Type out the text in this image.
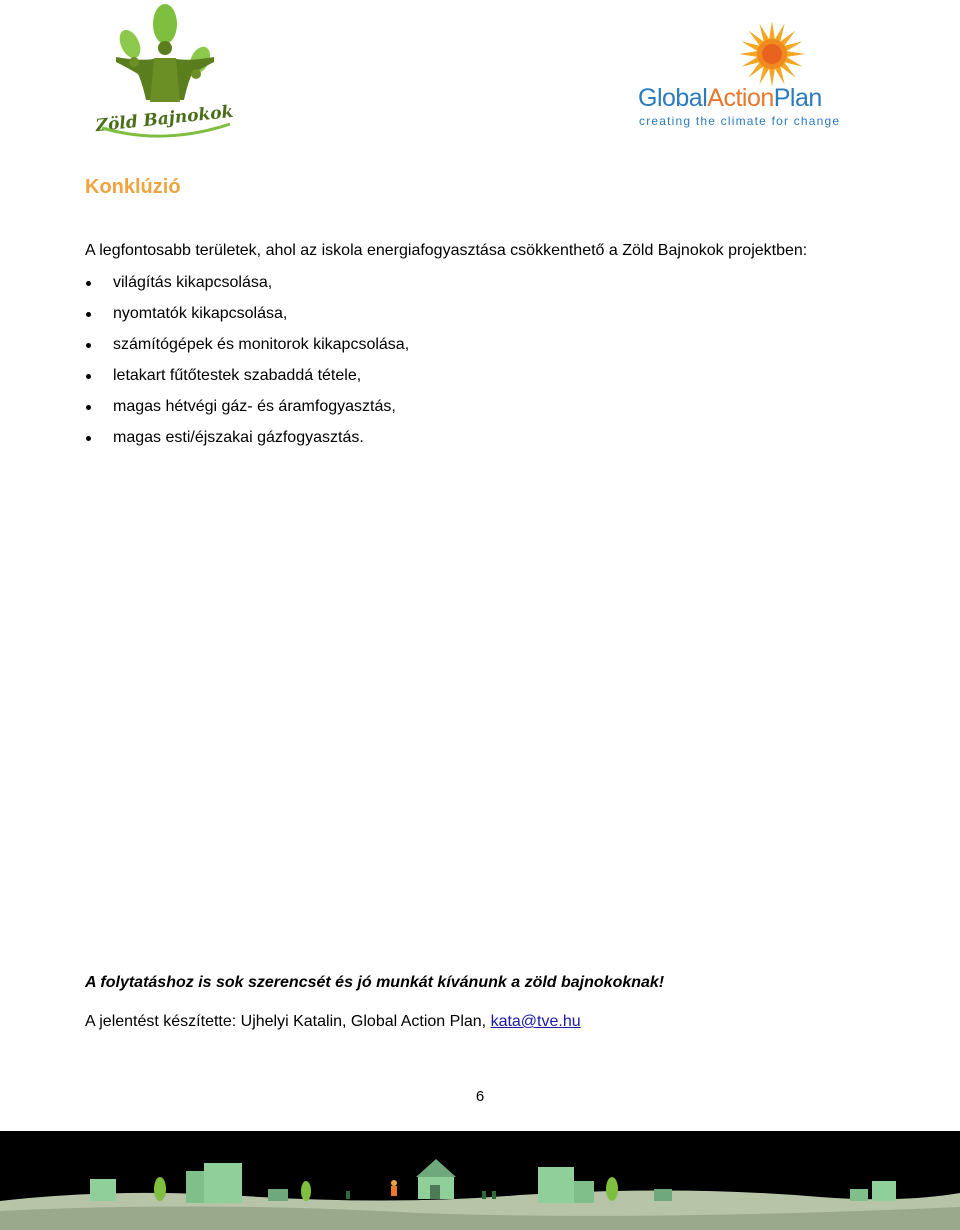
Zöld Bajnokok
GlobalActionPlan
creating the climate for change
Konklúzió

A legfontosabb területek, ahol az iskola energiafogyasztása csökkenthető a Zöld Bajnokok projektben:

világítás kikapcsolása,
nyomtatók kikapcsolása,
számítógépek és monitorok kikapcsolása,
letakart fűtőtestek szabaddá tétele,
magas hétvégi gáz- és áramfogyasztás,
magas esti/éjszakai gázfogyasztás.

A folytatáshoz is sok szerencsét és jó munkát kívánunk a zöld bajnokoknak!

A jelentést készítette: Ujhelyi Katalin, Global Action Plan, kata@tve.hu

6
